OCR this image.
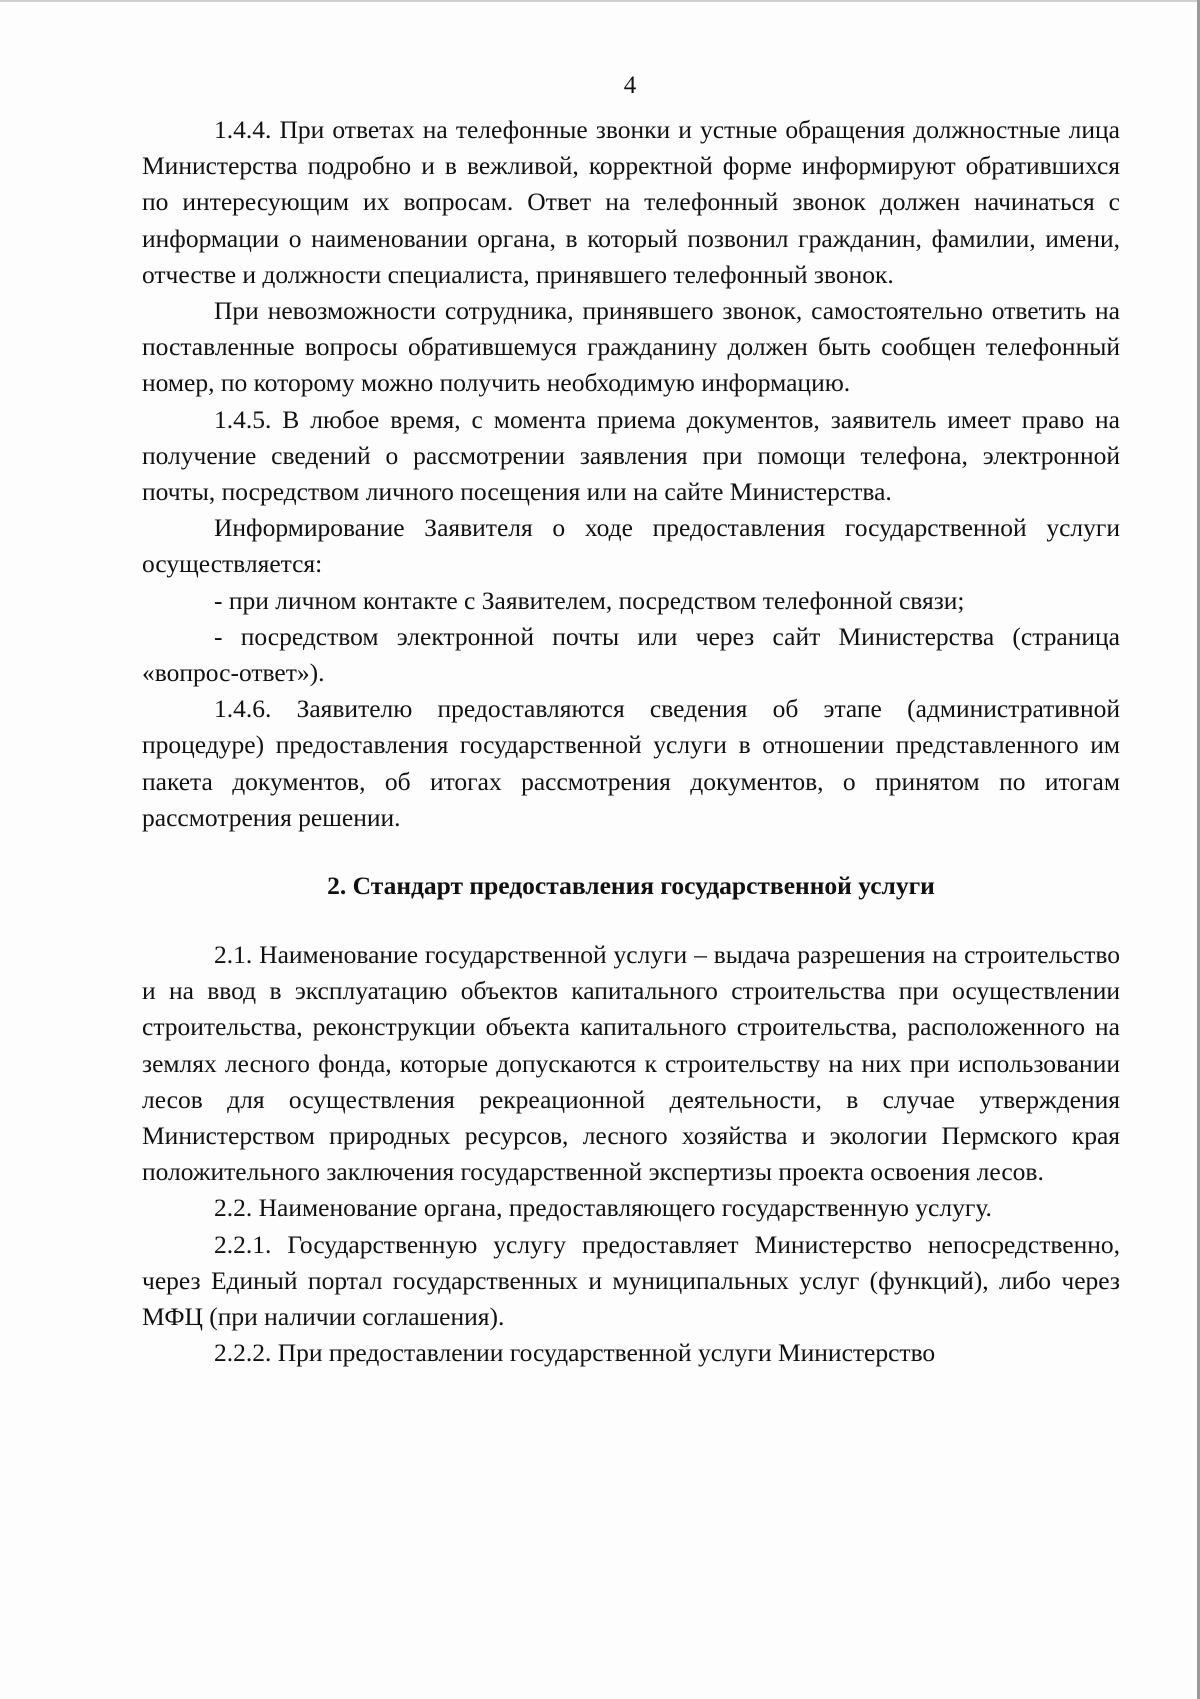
4

1.4.4. При ответах на телефонные звонки и устные обращения должностные лица Министерства подробно и в вежливой, корректной форме информируют обратившихся по интересующим их вопросам. Ответ на телефонный звонок должен начинаться с информации о наименовании органа, в который позвонил гражданин, фамилии, имени, отчестве и должности специалиста, принявшего телефонный звонок.

При невозможности сотрудника, принявшего звонок, самостоятельно ответить на поставленные вопросы обратившемуся гражданину должен быть сообщен телефонный номер, по которому можно получить необходимую информацию.

1.4.5. В любое время, с момента приема документов, заявитель имеет право на получение сведений о рассмотрении заявления при помощи телефона, электронной почты, посредством личного посещения или на сайте Министерства.

Информирование Заявителя о ходе предоставления государственной услуги осуществляется:

- при личном контакте с Заявителем, посредством телефонной связи;

- посредством электронной почты или через сайт Министерства (страница «вопрос-ответ»).

1.4.6. Заявителю предоставляются сведения об этапе (административной процедуре) предоставления государственной услуги в отношении представленного им пакета документов, об итогах рассмотрения документов, о принятом по итогам рассмотрения решении.

2. Стандарт предоставления государственной услуги

2.1. Наименование государственной услуги – выдача разрешения на строительство и на ввод в эксплуатацию объектов капитального строительства при осуществлении строительства, реконструкции объекта капитального строительства, расположенного на землях лесного фонда, которые допускаются к строительству на них при использовании лесов для осуществления рекреационной деятельности, в случае утверждения Министерством природных ресурсов, лесного хозяйства и экологии Пермского края положительного заключения государственной экспертизы проекта освоения лесов.

2.2. Наименование органа, предоставляющего государственную услугу.

2.2.1. Государственную услугу предоставляет Министерство непосредственно, через Единый портал государственных и муниципальных услуг (функций), либо через МФЦ (при наличии соглашения).

2.2.2. При предоставлении государственной услуги Министерство
